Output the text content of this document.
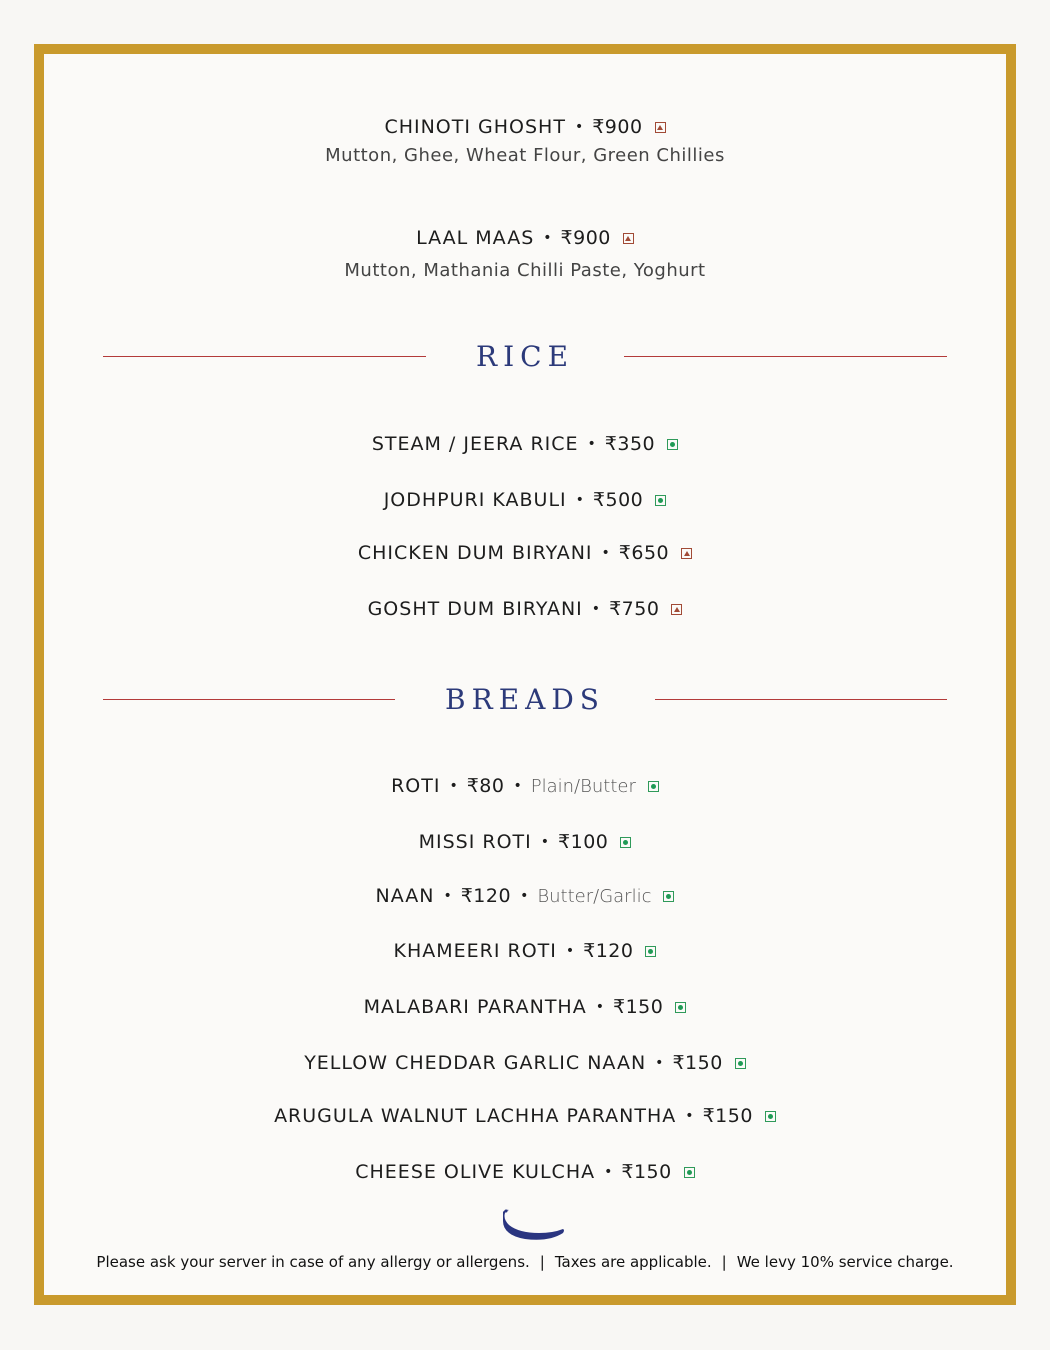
CHINOTI GHOSHT • ₹900
Mutton, Ghee, Wheat Flour, Green Chillies
LAAL MAAS • ₹900
Mutton, Mathania Chilli Paste, Yoghurt
STEAM / JEERA RICE • ₹350
JODHPURI KABULI • ₹500
CHICKEN DUM BIRYANI • ₹650
GOSHT DUM BIRYANI • ₹750
ROTI • ₹80 • Plain/Butter
MISSI ROTI • ₹100
NAAN • ₹120 • Butter/Garlic
KHAMEERI ROTI • ₹120
MALABARI PARANTHA • ₹150
YELLOW CHEDDAR GARLIC NAAN • ₹150
ARUGULA WALNUT LACHHA PARANTHA • ₹150
CHEESE OLIVE KULCHA • ₹150
RICE
BREADS
Please ask your server in case of any allergy or allergens. | Taxes are applicable. | We levy 10% service charge.
